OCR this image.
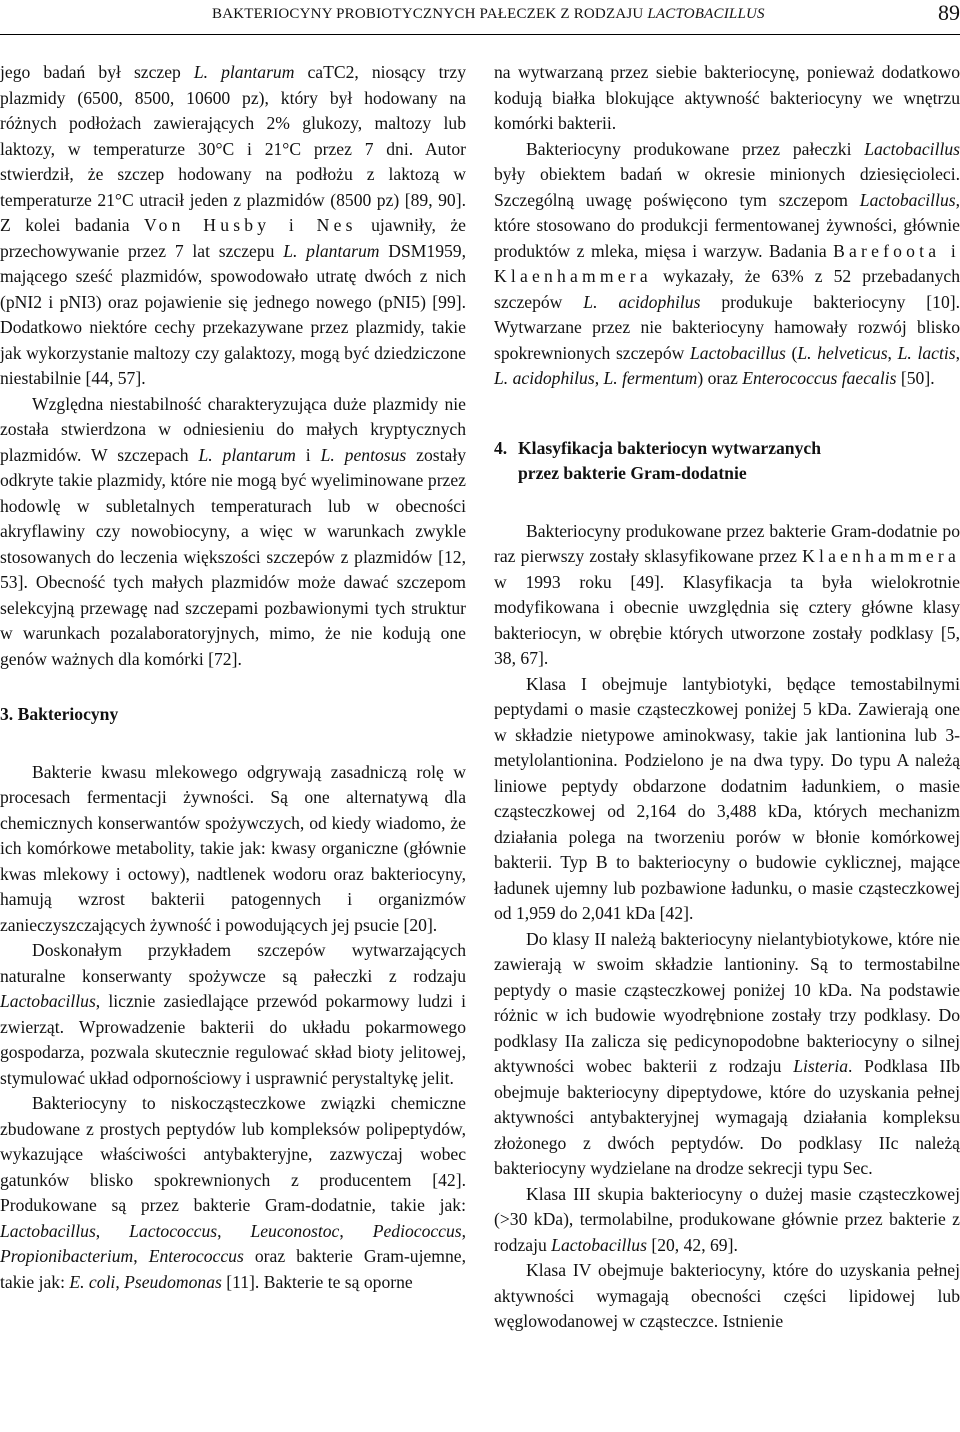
BAKTERIOCYNY PROBIOTYCZNYCH PAŁECZEK Z RODZAJU LACTOBACILLUS	89

jego badań był szczep L. plantarum caTC2, niosący trzy plazmidy (6500, 8500, 10600 pz), który był hodowany na różnych podłożach zawierających 2% glukozy, maltozy lub laktozy, w temperaturze 30°C i 21°C przez 7 dni. Autor stwierdził, że szczep hodowany na podłożu z laktozą w temperaturze 21°C utracił jeden z plazmidów (8500 pz) [89, 90]. Z kolei badania Von Husby i Nes ujawniły, że przechowywanie przez 7 lat szczepu L. plantarum DSM1959, mającego sześć plazmidów, spowodowało utratę dwóch z nich (pNI2 i pNI3) oraz pojawienie się jednego nowego (pNI5) [99]. Dodatkowo niektóre cechy przekazywane przez plazmidy, takie jak wykorzystanie maltozy czy galaktozy, mogą być dziedziczone niestabilnie [44, 57].

Względna niestabilność charakteryzująca duże plazmidy nie została stwierdzona w odniesieniu do małych kryptycznych plazmidów. W szczepach L. plantarum i L. pentosus zostały odkryte takie plazmidy, które nie mogą być wyeliminowane przez hodowlę w subletalnych temperaturach lub w obecności akryflawiny czy nowobiocyny, a więc w warunkach zwykle stosowanych do leczenia większości szczepów z plazmidów [12, 53]. Obecność tych małych plazmidów może dawać szczepom selekcyjną przewagę nad szczepami pozbawionymi tych struktur w warunkach pozalaboratoryjnych, mimo, że nie kodują one genów ważnych dla komórki [72].

3. Bakteriocyny

Bakterie kwasu mlekowego odgrywają zasadniczą rolę w procesach fermentacji żywności. Są one alternatywą dla chemicznych konserwantów spożywczych, od kiedy wiadomo, że ich komórkowe metabolity, takie jak: kwasy organiczne (głównie kwas mlekowy i octowy), nadtlenek wodoru oraz bakteriocyny, hamują wzrost bakterii patogennych i organizmów zanieczyszczających żywność i powodujących jej psucie [20].

Doskonałym przykładem szczepów wytwarzających naturalne konserwanty spożywcze są pałeczki z rodzaju Lactobacillus, licznie zasiedlające przewód pokarmowy ludzi i zwierząt. Wprowadzenie bakterii do układu pokarmowego gospodarza, pozwala skutecznie regulować skład bioty jelitowej, stymulować układ odpornościowy i usprawnić perystaltykę jelit.

Bakteriocyny to niskocząsteczkowe związki chemiczne zbudowane z prostych peptydów lub kompleksów polipeptydów, wykazujące właściwości antybakteryjne, zazwyczaj wobec gatunków blisko spokrewnionych z producentem [42]. Produkowane są przez bakterie Gram-dodatnie, takie jak: Lactobacillus, Lactococcus, Leuconostoc, Pediococcus, Propionibacterium, Enterococcus oraz bakterie Gram-ujemne, takie jak: E. coli, Pseudomonas [11]. Bakterie te są oporne

na wytwarzaną przez siebie bakteriocynę, ponieważ dodatkowo kodują białka blokujące aktywność bakteriocyny we wnętrzu komórki bakterii.

Bakteriocyny produkowane przez pałeczki Lactobacillus były obiektem badań w okresie minionych dziesięcioleci. Szczególną uwagę poświęcono tym szczepom Lactobacillus, które stosowano do produkcji fermentowanej żywności, głównie produktów z mleka, mięsa i warzyw. Badania Barefoota i Klaenhammera wykazały, że 63% z 52 przebadanych szczepów L. acidophilus produkuje bakteriocyny [10]. Wytwarzane przez nie bakteriocyny hamowały rozwój blisko spokrewnionych szczepów Lactobacillus (L. helveticus, L. lactis, L. acidophilus, L. fermentum) oraz Enterococcus faecalis [50].

4. Klasyfikacja bakteriocyn wytwarzanych
przez bakterie Gram-dodatnie

Bakteriocyny produkowane przez bakterie Gram-dodatnie po raz pierwszy zostały sklasyfikowane przez Klaenhammera w 1993 roku [49]. Klasyfikacja ta była wielokrotnie modyfikowana i obecnie uwzględnia się cztery główne klasy bakteriocyn, w obrębie których utworzone zostały podklasy [5, 38, 67].

Klasa I obejmuje lantybiotyki, będące temostabilnymi peptydami o masie cząsteczkowej poniżej 5 kDa. Zawierają one w składzie nietypowe aminokwasy, takie jak lantionina lub 3-metylolantionina. Podzielono je na dwa typy. Do typu A należą liniowe peptydy obdarzone dodatnim ładunkiem, o masie cząsteczkowej od 2,164 do 3,488 kDa, których mechanizm działania polega na tworzeniu porów w błonie komórkowej bakterii. Typ B to bakteriocyny o budowie cyklicznej, mające ładunek ujemny lub pozbawione ładunku, o masie cząsteczkowej od 1,959 do 2,041 kDa [42].

Do klasy II należą bakteriocyny nielantybiotykowe, które nie zawierają w swoim składzie lantioniny. Są to termostabilne peptydy o masie cząsteczkowej poniżej 10 kDa. Na podstawie różnic w ich budowie wyodrębnione zostały trzy podklasy. Do podklasy IIa zalicza się pedicynopodobne bakteriocyny o silnej aktywności wobec bakterii z rodzaju Listeria. Podklasa IIb obejmuje bakteriocyny dipeptydowe, które do uzyskania pełnej aktywności antybakteryjnej wymagają działania kompleksu złożonego z dwóch peptydów. Do podklasy IIc należą bakteriocyny wydzielane na drodze sekrecji typu Sec.

Klasa III skupia bakteriocyny o dużej masie cząsteczkowej (>30 kDa), termolabilne, produkowane głównie przez bakterie z rodzaju Lactobacillus [20, 42, 69].

Klasa IV obejmuje bakteriocyny, które do uzyskania pełnej aktywności wymagają obecności części lipidowej lub węglowodanowej w cząsteczce. Istnienie
